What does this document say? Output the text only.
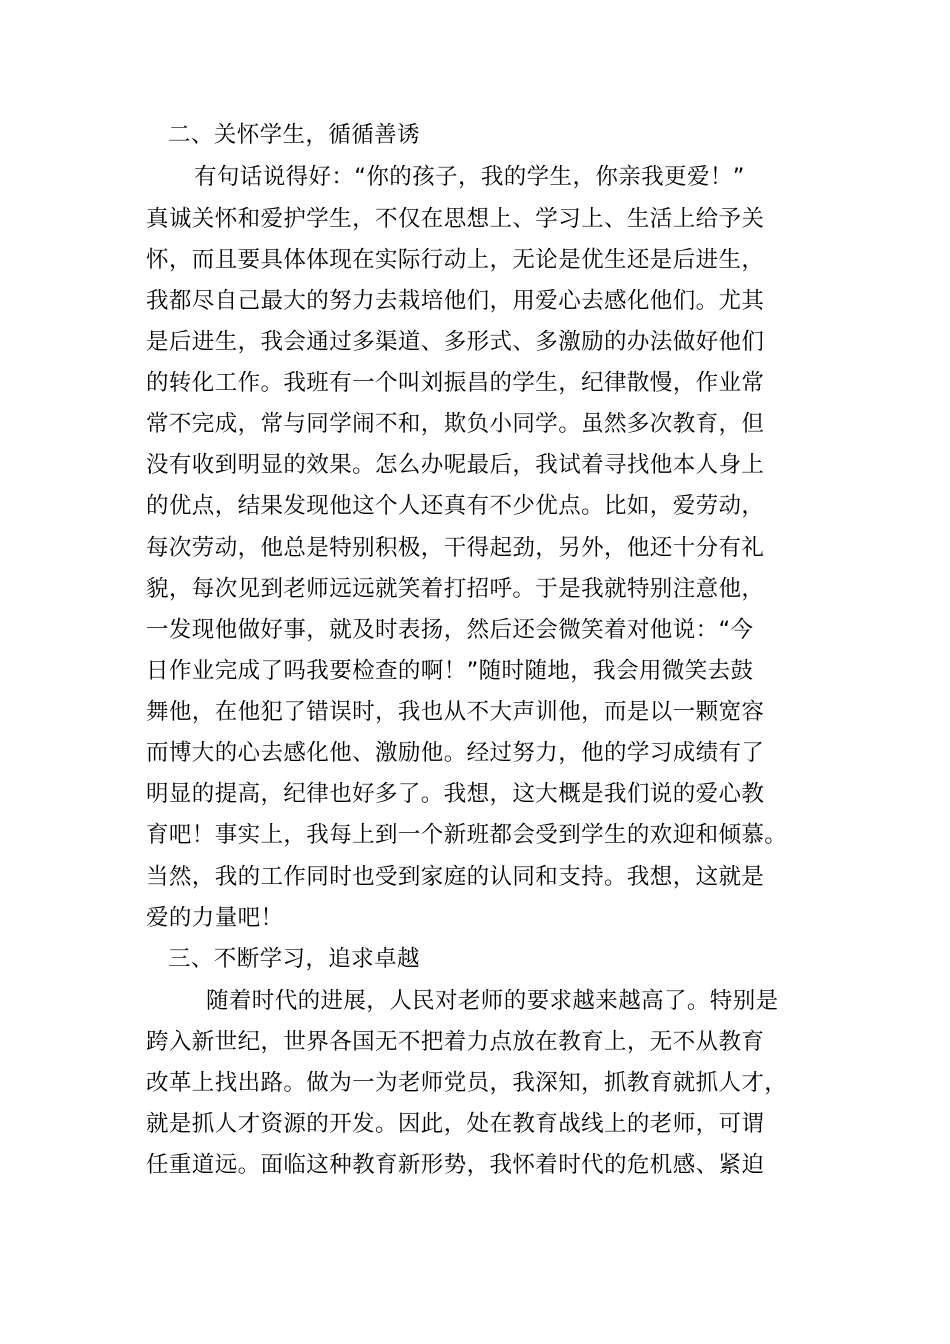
二、关怀学生，循循善诱
有句话说得好：“你的孩子，我的学生，你亲我更爱！”
真诚关怀和爱护学生，不仅在思想上、学习上、生活上给予关
怀，而且要具体体现在实际行动上，无论是优生还是后进生，
我都尽自己最大的努力去栽培他们，用爱心去感化他们。尤其
是后进生，我会通过多渠道、多形式、多激励的办法做好他们
的转化工作。我班有一个叫刘振昌的学生，纪律散慢，作业常
常不完成，常与同学闹不和，欺负小同学。虽然多次教育，但
没有收到明显的效果。怎么办呢最后，我试着寻找他本人身上
的优点，结果发现他这个人还真有不少优点。比如，爱劳动，
每次劳动，他总是特别积极，干得起劲，另外，他还十分有礼
貌，每次见到老师远远就笑着打招呼。于是我就特别注意他，
一发现他做好事，就及时表扬，然后还会微笑着对他说：“今
日作业完成了吗我要检查的啊！”随时随地，我会用微笑去鼓
舞他，在他犯了错误时，我也从不大声训他，而是以一颗宽容
而博大的心去感化他、激励他。经过努力，他的学习成绩有了
明显的提高，纪律也好多了。我想，这大概是我们说的爱心教
育吧！事实上，我每上到一个新班都会受到学生的欢迎和倾慕。
当然，我的工作同时也受到家庭的认同和支持。我想，这就是
爱的力量吧！
三、不断学习，追求卓越
随着时代的进展，人民对老师的要求越来越高了。特别是
跨入新世纪，世界各国无不把着力点放在教育上，无不从教育
改革上找出路。做为一为老师党员，我深知，抓教育就抓人才，
就是抓人才资源的开发。因此，处在教育战线上的老师，可谓
任重道远。面临这种教育新形势，我怀着时代的危机感、紧迫
